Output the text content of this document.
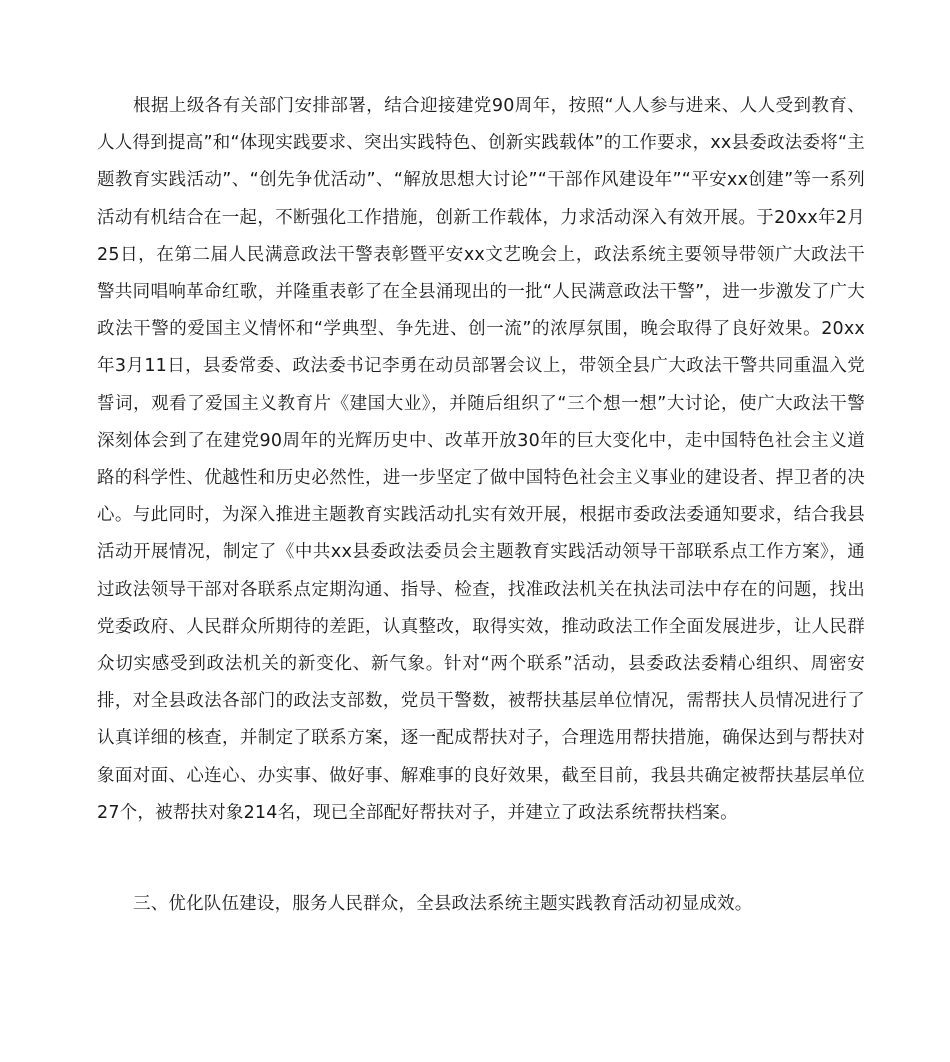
根据上级各有关部门安排部署，结合迎接建党90周年，按照“人人参与进来、人人受到教育、人人得到提高”和“体现实践要求、突出实践特色、创新实践载体”的工作要求，xx县委政法委将“主题教育实践活动”、“创先争优活动”、“解放思想大讨论”“干部作风建设年”“平安xx创建”等一系列活动有机结合在一起，不断强化工作措施，创新工作载体，力求活动深入有效开展。于20xx年2月25日，在第二届人民满意政法干警表彰暨平安xx文艺晚会上，政法系统主要领导带领广大政法干警共同唱响革命红歌，并隆重表彰了在全县涌现出的一批“人民满意政法干警”，进一步激发了广大政法干警的爱国主义情怀和“学典型、争先进、创一流”的浓厚氛围，晚会取得了良好效果。20xx年3月11日，县委常委、政法委书记李勇在动员部署会议上，带领全县广大政法干警共同重温入党誓词，观看了爱国主义教育片《建国大业》，并随后组织了“三个想一想”大讨论，使广大政法干警深刻体会到了在建党90周年的光辉历史中、改革开放30年的巨大变化中，走中国特色社会主义道路的科学性、优越性和历史必然性，进一步坚定了做中国特色社会主义事业的建设者、捍卫者的决心。与此同时，为深入推进主题教育实践活动扎实有效开展，根据市委政法委通知要求，结合我县活动开展情况，制定了《中共xx县委政法委员会主题教育实践活动领导干部联系点工作方案》，通过政法领导干部对各联系点定期沟通、指导、检查，找准政法机关在执法司法中存在的问题，找出党委政府、人民群众所期待的差距，认真整改，取得实效，推动政法工作全面发展进步，让人民群众切实感受到政法机关的新变化、新气象。针对“两个联系”活动，县委政法委精心组织、周密安排，对全县政法各部门的政法支部数，党员干警数，被帮扶基层单位情况，需帮扶人员情况进行了认真详细的核查，并制定了联系方案，逐一配成帮扶对子，合理选用帮扶措施，确保达到与帮扶对象面对面、心连心、办实事、做好事、解难事的良好效果，截至目前，我县共确定被帮扶基层单位27个，被帮扶对象214名，现已全部配好帮扶对子，并建立了政法系统帮扶档案。

三、优化队伍建设，服务人民群众，全县政法系统主题实践教育活动初显成效。
